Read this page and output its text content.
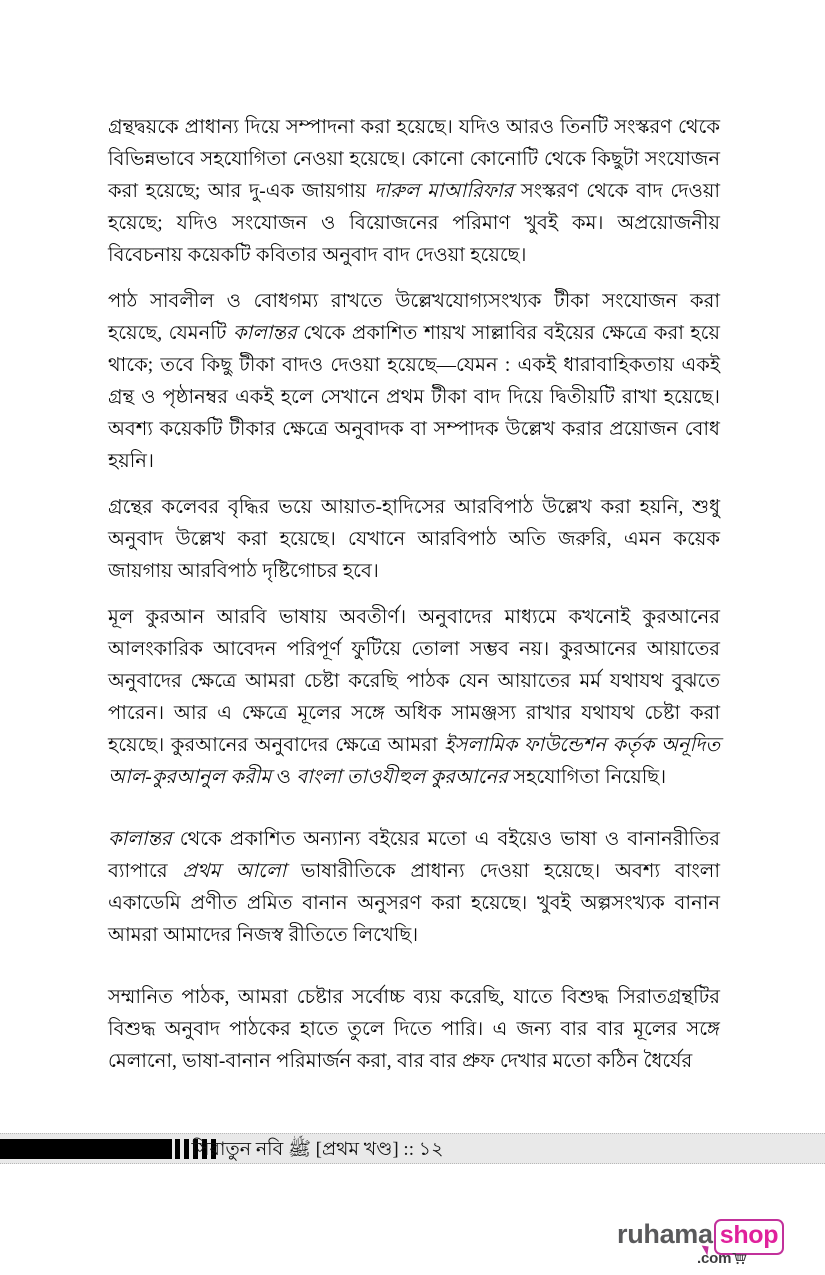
গ্রন্থদ্বয়কে প্রাধান্য দিয়ে সম্পাদনা করা হয়েছে। যদিও আরও তিনটি সংস্করণ থেকে বিভিন্নভাবে সহযোগিতা নেওয়া হয়েছে। কোনো কোনোটি থেকে কিছুটা সংযোজন করা হয়েছে; আর দু-এক জায়গায় দারুল মাআরিফার সংস্করণ থেকে বাদ দেওয়া হয়েছে; যদিও সংযোজন ও বিয়োজনের পরিমাণ খুবই কম। অপ্রয়োজনীয় বিবেচনায় কয়েকটি কবিতার অনুবাদ বাদ দেওয়া হয়েছে।

পাঠ সাবলীল ও বোধগম্য রাখতে উল্লেখযোগ্যসংখ্যক টীকা সংযোজন করা হয়েছে, যেমনটি কালান্তর থেকে প্রকাশিত শায়খ সাল্লাবির বইয়ের ক্ষেত্রে করা হয়ে থাকে; তবে কিছু টীকা বাদও দেওয়া হয়েছে—যেমন : একই ধারাবাহিকতায় একই গ্রন্থ ও পৃষ্ঠানম্বর একই হলে সেখানে প্রথম টীকা বাদ দিয়ে দ্বিতীয়টি রাখা হয়েছে। অবশ্য কয়েকটি টীকার ক্ষেত্রে অনুবাদক বা সম্পাদক উল্লেখ করার প্রয়োজন বোধ হয়নি।

গ্রন্থের কলেবর বৃদ্ধির ভয়ে আয়াত-হাদিসের আরবিপাঠ উল্লেখ করা হয়নি, শুধু অনুবাদ উল্লেখ করা হয়েছে। যেখানে আরবিপাঠ অতি জরুরি, এমন কয়েক জায়গায় আরবিপাঠ দৃষ্টিগোচর হবে।

মূল কুরআন আরবি ভাষায় অবতীর্ণ। অনুবাদের মাধ্যমে কখনোই কুরআনের আলংকারিক আবেদন পরিপূর্ণ ফুটিয়ে তোলা সম্ভব নয়। কুরআনের আয়াতের অনুবাদের ক্ষেত্রে আমরা চেষ্টা করেছি পাঠক যেন আয়াতের মর্ম যথাযথ বুঝতে পারেন। আর এ ক্ষেত্রে মূলের সঙ্গে অধিক সামঞ্জস্য রাখার যথাযথ চেষ্টা করা হয়েছে। কুরআনের অনুবাদের ক্ষেত্রে আমরা ইসলামিক ফাউন্ডেশন কর্তৃক অনূদিত আল-কুরআনুল করীম ও বাংলা তাওযীহুল কুরআনের সহযোগিতা নিয়েছি।

কালান্তর থেকে প্রকাশিত অন্যান্য বইয়ের মতো এ বইয়েও ভাষা ও বানানরীতির ব্যাপারে প্রথম আলো ভাষারীতিকে প্রাধান্য দেওয়া হয়েছে। অবশ্য বাংলা একাডেমি প্রণীত প্রমিত বানান অনুসরণ করা হয়েছে। খুবই অল্পসংখ্যক বানান আমরা আমাদের নিজস্ব রীতিতে লিখেছি।

সম্মানিত পাঠক, আমরা চেষ্টার সর্বোচ্চ ব্যয় করেছি, যাতে বিশুদ্ধ সিরাতগ্রন্থটির বিশুদ্ধ অনুবাদ পাঠকের হাতে তুলে দিতে পারি। এ জন্য বার বার মূলের সঙ্গে মেলানো, ভাষা-বানান পরিমার্জন করা, বার বার প্রুফ দেখার মতো কঠিন ধৈর্যের

সিরাতুন নবি ﷺ [প্রথম খণ্ড] :: ১২
ruhama shop
.com
